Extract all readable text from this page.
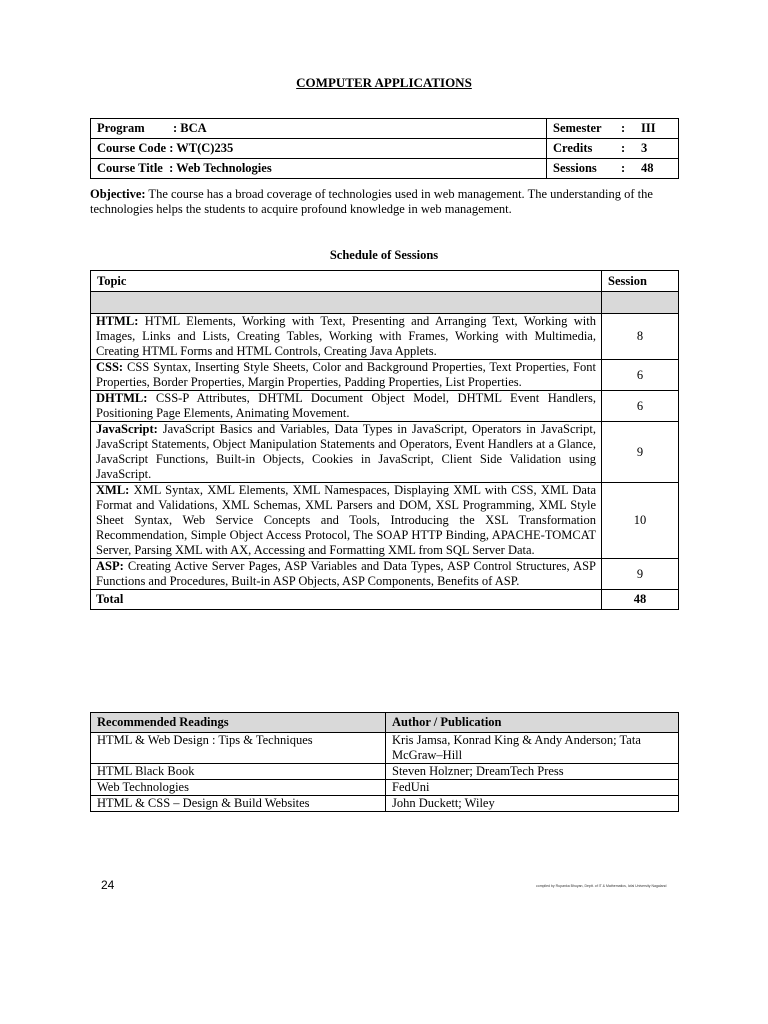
COMPUTER APPLICATIONS
Program : BCA	Semester : III
Course Code : WT(C)235	Credits : 3
Course Title : Web Technologies	Sessions : 48
Objective: The course has a broad coverage of technologies used in web management. The understanding of the technologies helps the students to acquire profound knowledge in web management.
Schedule of Sessions
Topic	Session

HTML: HTML Elements, Working with Text, Presenting and Arranging Text, Working with Images, Links and Lists, Creating Tables, Working with Frames, Working with Multimedia, Creating HTML Forms and HTML Controls, Creating Java Applets.	8
CSS: CSS Syntax, Inserting Style Sheets, Color and Background Properties, Text Properties, Font Properties, Border Properties, Margin Properties, Padding Properties, List Properties.	6
DHTML: CSS-P Attributes, DHTML Document Object Model, DHTML Event Handlers, Positioning Page Elements, Animating Movement.	6
JavaScript: JavaScript Basics and Variables, Data Types in JavaScript, Operators in JavaScript, JavaScript Statements, Object Manipulation Statements and Operators, Event Handlers at a Glance, JavaScript Functions, Built-in Objects, Cookies in JavaScript, Client Side Validation using JavaScript.	9
XML: XML Syntax, XML Elements, XML Namespaces, Displaying XML with CSS, XML Data Format and Validations, XML Schemas, XML Parsers and DOM, XSL Programming, XML Style Sheet Syntax, Web Service Concepts and Tools, Introducing the XSL Transformation Recommendation, Simple Object Access Protocol, The SOAP HTTP Binding, APACHE-TOMCAT Server, Parsing XML with AX, Accessing and Formatting XML from SQL Server Data.	10
ASP: Creating Active Server Pages, ASP Variables and Data Types, ASP Control Structures, ASP Functions and Procedures, Built-in ASP Objects, ASP Components, Benefits of ASP.	9
Total	48
Recommended Readings	Author / Publication
HTML & Web Design : Tips & Techniques	Kris Jamsa, Konrad King & Andy Anderson; Tata McGraw–Hill
HTML Black Book	Steven Holzner; DreamTech Press
Web Technologies	FedUni
HTML & CSS – Design & Build Websites	John Duckett; Wiley
24	compiled by Rupanka Bhuyan, Deptt. of IT & Mathematics, Icfai University Nagaland
